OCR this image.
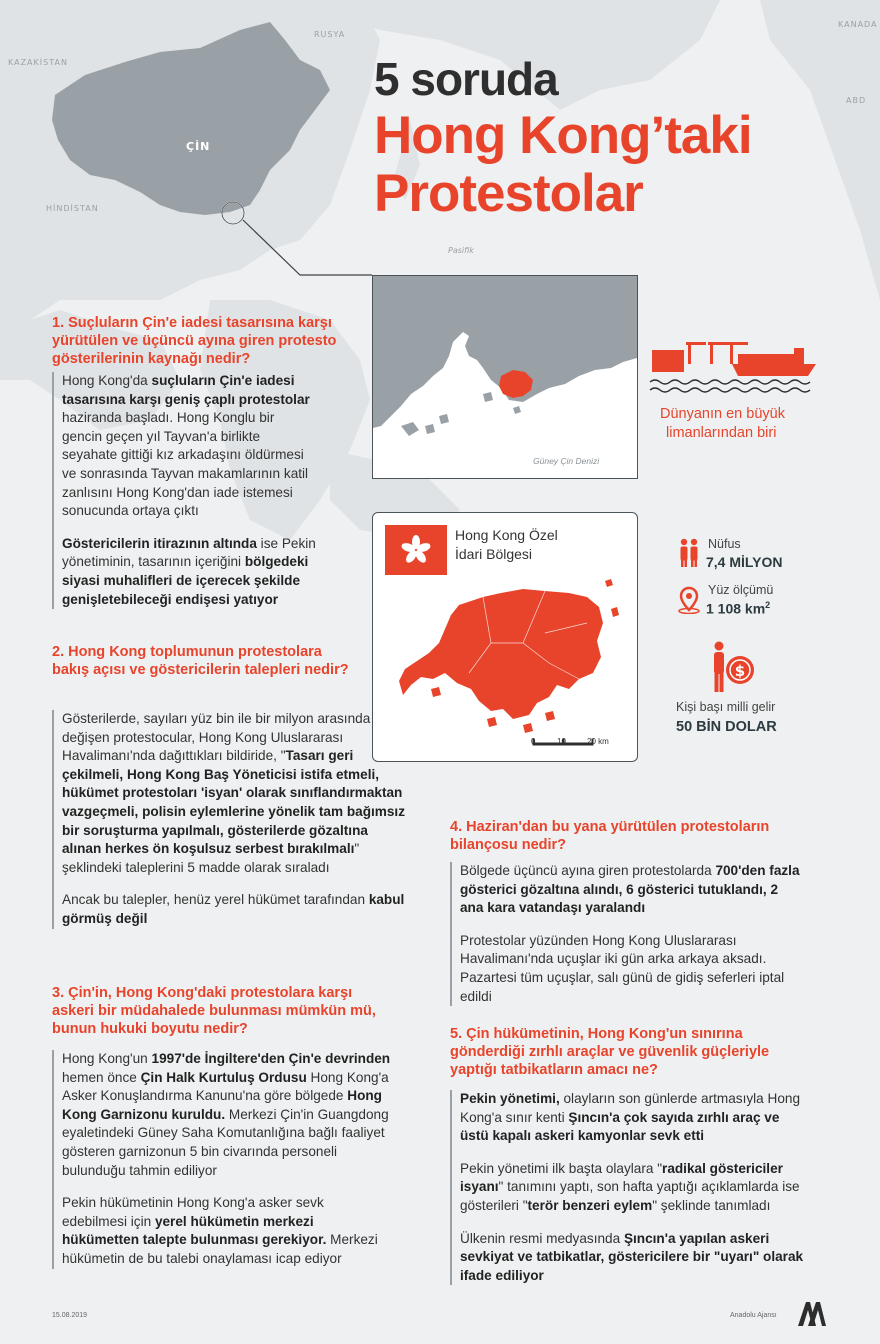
RUSYA
KAZAKİSTAN
MOĞOLİSTAN
ÇİN
HİNDİSTAN
Pasifik
KANADA
ABD
5 soruda
Hong Kong’taki
Protestolar
Güney Çin Denizi
Dünyanın en büyük
limanlarından biri
Hong Kong Özel
İdari Bölgesi
0	10	20 km
Nüfus
7,4 MİLYON
Yüz ölçümü
1 108 $km^2$
$
Kişi başı milli gelir
50 BİN DOLAR
1. Suçluların Çin'e iadesi tasarısına karşı yürütülen ve üçüncü ayına giren protesto gösterilerinin kaynağı nedir?

Hong Kong'da suçluların Çin'e iadesi tasarısına karşı geniş çaplı protestolar haziranda başladı. Hong Konglu bir gencin geçen yıl Tayvan'a birlikte seyahate gittiği kız arkadaşını öldürmesi ve sonrasında Tayvan makamlarının katil zanlısını Hong Kong'dan iade istemesi sonucunda ortaya çıktı

Göstericilerin itirazının altında ise Pekin yönetiminin, tasarının içeriğini bölgedeki siyasi muhalifleri de içerecek şekilde genişletebileceği endişesi yatıyor

2. Hong Kong toplumunun protestolara bakış açısı ve göstericilerin talepleri nedir?

Gösterilerde, sayıları yüz bin ile bir milyon arasında değişen protestocular, Hong Kong Uluslararası Havalimanı'nda dağıttıkları bildiride, "Tasarı geri çekilmeli, Hong Kong Baş Yöneticisi istifa etmeli, hükümet protestoları 'isyan' olarak sınıflandırmaktan vazgeçmeli, polisin eylemlerine yönelik tam bağımsız bir soruşturma yapılmalı, gösterilerde gözaltına alınan herkes ön koşulsuz serbest bırakılmalı" şeklindeki taleplerini 5 madde olarak sıraladı

Ancak bu talepler, henüz yerel hükümet tarafından kabul görmüş değil

3. Çin'in, Hong Kong'daki protestolara karşı askeri bir müdahalede bulunması mümkün mü, bunun hukuki boyutu nedir?

Hong Kong'un 1997'de İngiltere'den Çin'e devrinden hemen önce Çin Halk Kurtuluş Ordusu Hong Kong'a Asker Konuşlandırma Kanunu'na göre bölgede Hong Kong Garnizonu kuruldu. Merkezi Çin'in Guangdong eyaletindeki Güney Saha Komutanlığına bağlı faaliyet gösteren garnizonun 5 bin civarında personeli bulunduğu tahmin ediliyor

Pekin hükümetinin Hong Kong'a asker sevk edebilmesi için yerel hükümetin merkezi hükümetten talepte bulunması gerekiyor. Merkezi hükümetin de bu talebi onaylaması icap ediyor

4. Haziran'dan bu yana yürütülen protestoların bilançosu nedir?

Bölgede üçüncü ayına giren protestolarda 700'den fazla gösterici gözaltına alındı, 6 gösterici tutuklandı, 2 ana kara vatandaşı yaralandı

Protestolar yüzünden Hong Kong Uluslararası Havalimanı'nda uçuşlar iki gün arka arkaya aksadı. Pazartesi tüm uçuşlar, salı günü de gidiş seferleri iptal edildi

5. Çin hükümetinin, Hong Kong'un sınırına gönderdiği zırhlı araçlar ve güvenlik güçleriyle yaptığı tatbikatların amacı ne?

Pekin yönetimi, olayların son günlerde artmasıyla Hong Kong'a sınır kenti Şıncın'a çok sayıda zırhlı araç ve üstü kapalı askeri kamyonlar sevk etti

Pekin yönetimi ilk başta olaylara "radikal göstericiler isyanı" tanımını yaptı, son hafta yaptığı açıklamlarda ise gösterileri "terör benzeri eylem" şeklinde tanımladı

Ülkenin resmi medyasında Şıncın'a yapılan askeri sevkiyat ve tatbikatlar, göstericilere bir "uyarı" olarak ifade ediliyor

15.08.2019	Anadolu Ajansı
